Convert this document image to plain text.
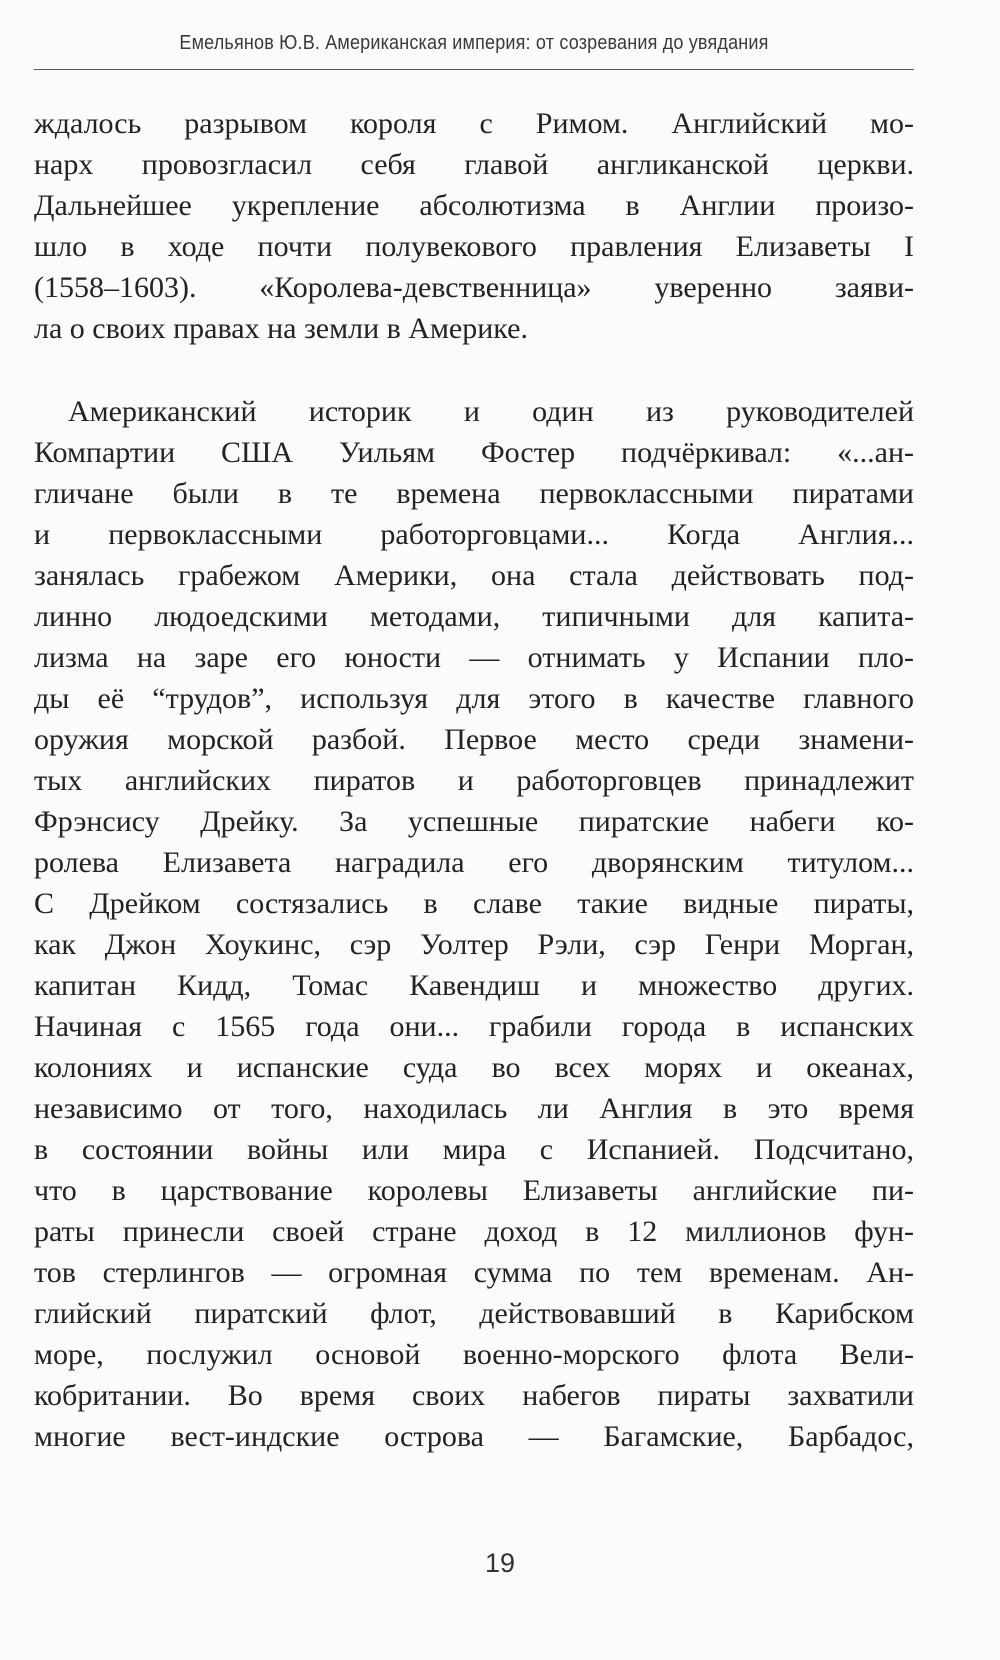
Емельянов Ю.В. Американская империя: от созревания до увядания
ждалось разрывом короля с Римом. Английский мо-
нарх провозгласил себя главой англиканской церкви.
Дальнейшее укрепление абсолютизма в Англии произо-
шло в ходе почти полувекового правления Елизаветы I
(1558–1603). «Королева-девственница» уверенно заяви-
ла о своих правах на земли в Америке.
Американский историк и один из руководителей
Компартии США Уильям Фостер подчёркивал: «...ан-
гличане были в те времена первоклассными пиратами
и первоклассными работорговцами... Когда Англия...
занялась грабежом Америки, она стала действовать под-
линно людоедскими методами, типичными для капита-
лизма на заре его юности — отнимать у Испании пло-
ды её “трудов”, используя для этого в качестве главного
оружия морской разбой. Первое место среди знамени-
тых английских пиратов и работорговцев принадлежит
Фрэнсису Дрейку. За успешные пиратские набеги ко-
ролева Елизавета наградила его дворянским титулом...
С Дрейком состязались в славе такие видные пираты,
как Джон Хоукинс, сэр Уолтер Рэли, сэр Генри Морган,
капитан Кидд, Томас Кавендиш и множество других.
Начиная с 1565 года они... грабили города в испанских
колониях и испанские суда во всех морях и океанах,
независимо от того, находилась ли Англия в это время
в состоянии войны или мира с Испанией. Подсчитано,
что в царствование королевы Елизаветы английские пи-
раты принесли своей стране доход в 12 миллионов фун-
тов стерлингов — огромная сумма по тем временам. Ан-
глийский пиратский флот, действовавший в Карибском
море, послужил основой военно-морского флота Вели-
кобритании. Во время своих набегов пираты захватили
многие вест-индские острова — Багамские, Барбадос,
19
